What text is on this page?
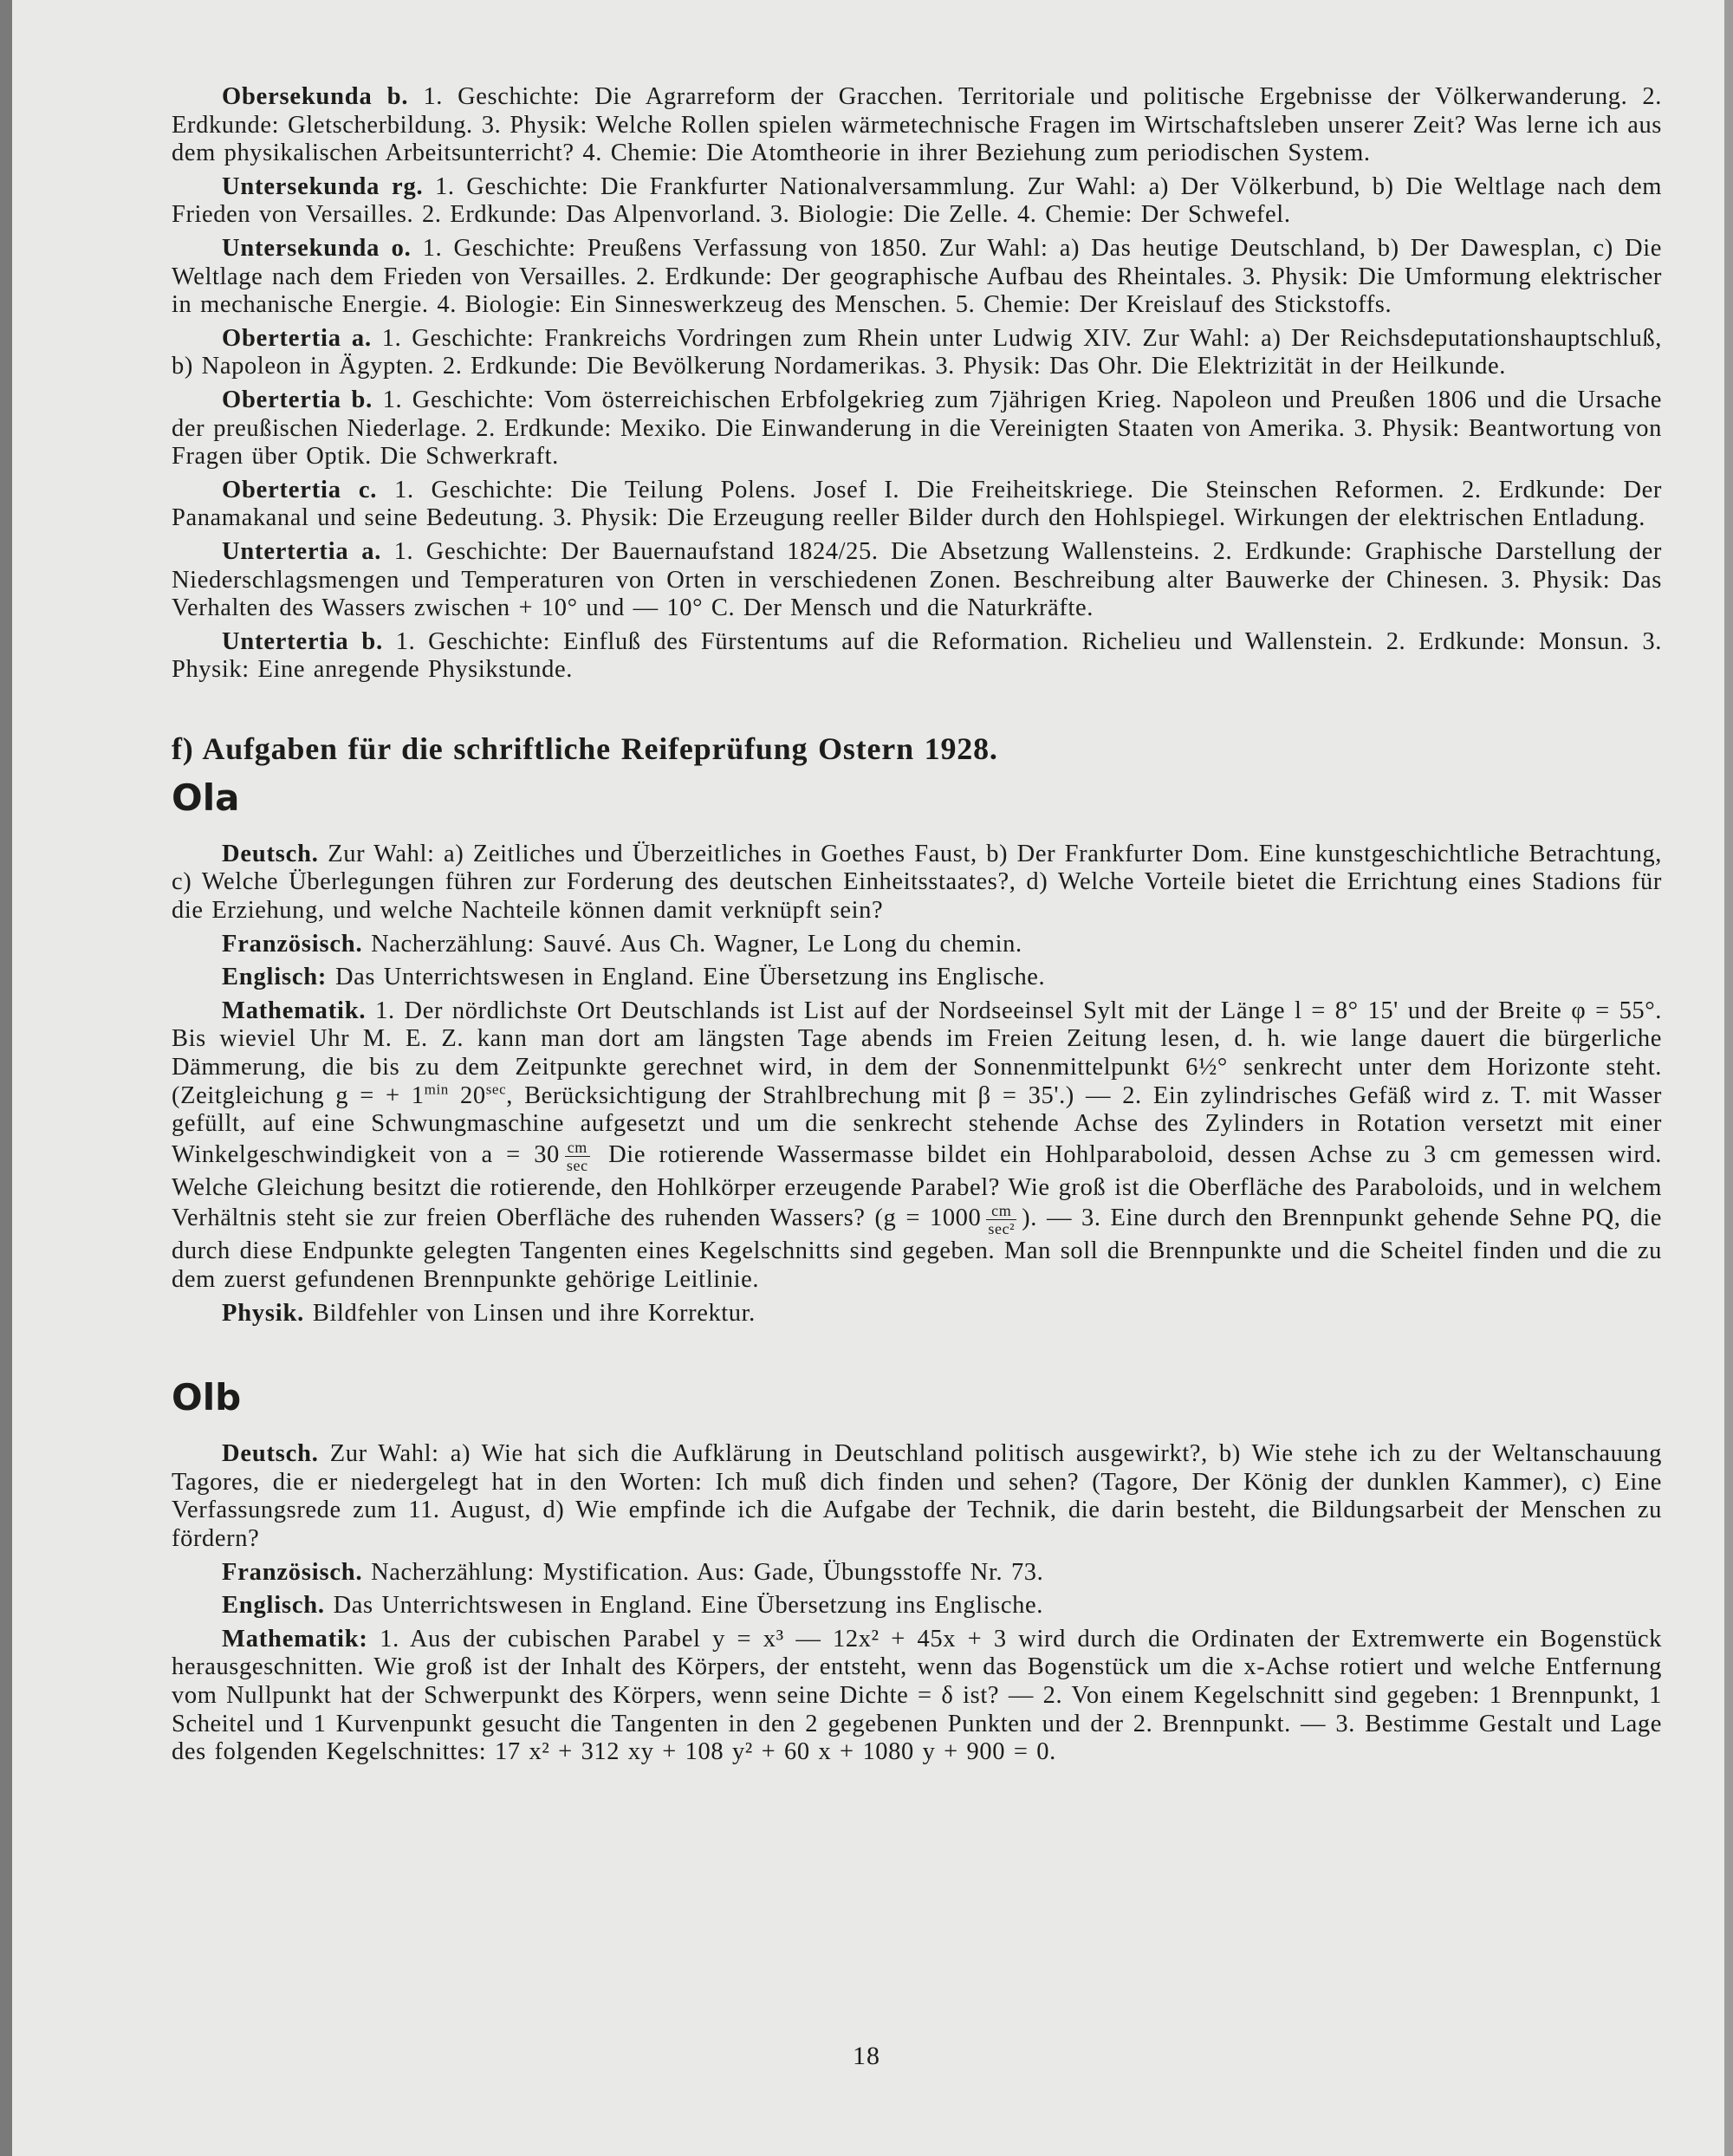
Obersekunda b. 1. Geschichte: Die Agrarreform der Gracchen. Territoriale und politische Ergebnisse der Völkerwanderung. 2. Erdkunde: Gletscherbildung. 3. Physik: Welche Rollen spielen wärmetechnische Fragen im Wirtschaftsleben unserer Zeit? Was lerne ich aus dem physikalischen Arbeitsunterricht? 4. Chemie: Die Atomtheorie in ihrer Beziehung zum periodischen System.

Untersekunda rg. 1. Geschichte: Die Frankfurter Nationalversammlung. Zur Wahl: a) Der Völkerbund, b) Die Weltlage nach dem Frieden von Versailles. 2. Erdkunde: Das Alpenvorland. 3. Biologie: Die Zelle. 4. Chemie: Der Schwefel.

Untersekunda o. 1. Geschichte: Preußens Verfassung von 1850. Zur Wahl: a) Das heutige Deutschland, b) Der Dawesplan, c) Die Weltlage nach dem Frieden von Versailles. 2. Erdkunde: Der geographische Aufbau des Rheintales. 3. Physik: Die Umformung elektrischer in mechanische Energie. 4. Biologie: Ein Sinneswerkzeug des Menschen. 5. Chemie: Der Kreislauf des Stickstoffs.

Obertertia a. 1. Geschichte: Frankreichs Vordringen zum Rhein unter Ludwig XIV. Zur Wahl: a) Der Reichsdeputationshauptschluß, b) Napoleon in Ägypten. 2. Erdkunde: Die Bevölkerung Nordamerikas. 3. Physik: Das Ohr. Die Elektrizität in der Heilkunde.

Obertertia b. 1. Geschichte: Vom österreichischen Erbfolgekrieg zum 7jährigen Krieg. Napoleon und Preußen 1806 und die Ursache der preußischen Niederlage. 2. Erdkunde: Mexiko. Die Einwanderung in die Vereinigten Staaten von Amerika. 3. Physik: Beantwortung von Fragen über Optik. Die Schwerkraft.

Obertertia c. 1. Geschichte: Die Teilung Polens. Josef I. Die Freiheitskriege. Die Steinschen Reformen. 2. Erdkunde: Der Panamakanal und seine Bedeutung. 3. Physik: Die Erzeugung reeller Bilder durch den Hohlspiegel. Wirkungen der elektrischen Entladung.

Untertertia a. 1. Geschichte: Der Bauernaufstand 1824/25. Die Absetzung Wallensteins. 2. Erdkunde: Graphische Darstellung der Niederschlagsmengen und Temperaturen von Orten in verschiedenen Zonen. Beschreibung alter Bauwerke der Chinesen. 3. Physik: Das Verhalten des Wassers zwischen + 10° und — 10° C. Der Mensch und die Naturkräfte.

Untertertia b. 1. Geschichte: Einfluß des Fürstentums auf die Reformation. Richelieu und Wallenstein. 2. Erdkunde: Monsun. 3. Physik: Eine anregende Physikstunde.

f) Aufgaben für die schriftliche Reifeprüfung Ostern 1928.
Ola

Deutsch. Zur Wahl: a) Zeitliches und Überzeitliches in Goethes Faust, b) Der Frankfurter Dom. Eine kunstgeschichtliche Betrachtung, c) Welche Überlegungen führen zur Forderung des deutschen Einheitsstaates?, d) Welche Vorteile bietet die Errichtung eines Stadions für die Erziehung, und welche Nachteile können damit verknüpft sein?

Französisch. Nacherzählung: Sauvé. Aus Ch. Wagner, Le Long du chemin.

Englisch: Das Unterrichtswesen in England. Eine Übersetzung ins Englische.

Mathematik. 1. Der nördlichste Ort Deutschlands ist List auf der Nordseeinsel Sylt mit der Länge l = 8° 15' und der Breite φ = 55°. Bis wieviel Uhr M. E. Z. kann man dort am längsten Tage abends im Freien Zeitung lesen, d. h. wie lange dauert die bürgerliche Dämmerung, die bis zu dem Zeitpunkte gerechnet wird, in dem der Sonnenmittelpunkt 6½° senkrecht unter dem Horizonte steht. (Zeitgleichung g = + $1^{min}$ $20^{sec}$, Berücksichtigung der Strahlbrechung mit β = 35'.) — 2. Ein zylindrisches Gefäß wird z. T. mit Wasser gefüllt, auf eine Schwungmaschine aufgesetzt und um die senkrecht stehende Achse des Zylinders in Rotation versetzt mit einer Winkelgeschwindigkeit von $a = 30 \frac{cm}{\sec}$ Die rotierende Wassermasse bildet ein Hohlparaboloid, dessen Achse zu 3 cm gemessen wird. Welche Gleichung besitzt die rotierende, den Hohlkörper erzeugende Parabel? Wie groß ist die Oberfläche des Paraboloids, und in welchem Verhältnis steht sie zur freien Oberfläche des ruhenden Wassers? ($g = 1000 \frac{cm}{\text{sec²}}$ ). — 3. Eine durch den Brennpunkt gehende Sehne PQ, die durch diese Endpunkte gelegten Tangenten eines Kegelschnitts sind gegeben. Man soll die Brennpunkte und die Scheitel finden und die zu dem zuerst gefundenen Brennpunkte gehörige Leitlinie.

Physik. Bildfehler von Linsen und ihre Korrektur.

Olb

Deutsch. Zur Wahl: a) Wie hat sich die Aufklärung in Deutschland politisch ausgewirkt?, b) Wie stehe ich zu der Weltanschauung Tagores, die er niedergelegt hat in den Worten: Ich muß dich finden und sehen? (Tagore, Der König der dunklen Kammer), c) Eine Verfassungsrede zum 11. August, d) Wie empfinde ich die Aufgabe der Technik, die darin besteht, die Bildungsarbeit der Menschen zu fördern?

Französisch. Nacherzählung: Mystification. Aus: Gade, Übungsstoffe Nr. 73.

Englisch. Das Unterrichtswesen in England. Eine Übersetzung ins Englische.

Mathematik: 1. Aus der cubischen Parabel y = x³ — 12x² + 45x + 3 wird durch die Ordinaten der Extremwerte ein Bogenstück herausgeschnitten. Wie groß ist der Inhalt des Körpers, der entsteht, wenn das Bogenstück um die x-Achse rotiert und welche Entfernung vom Nullpunkt hat der Schwerpunkt des Körpers, wenn seine Dichte = δ ist? — 2. Von einem Kegelschnitt sind gegeben: 1 Brennpunkt, 1 Scheitel und 1 Kurvenpunkt gesucht die Tangenten in den 2 gegebenen Punkten und der 2. Brennpunkt. — 3. Bestimme Gestalt und Lage des folgenden Kegelschnittes: 17 x² + 312 xy + 108 y² + 60 x + 1080 y + 900 = 0.

18
